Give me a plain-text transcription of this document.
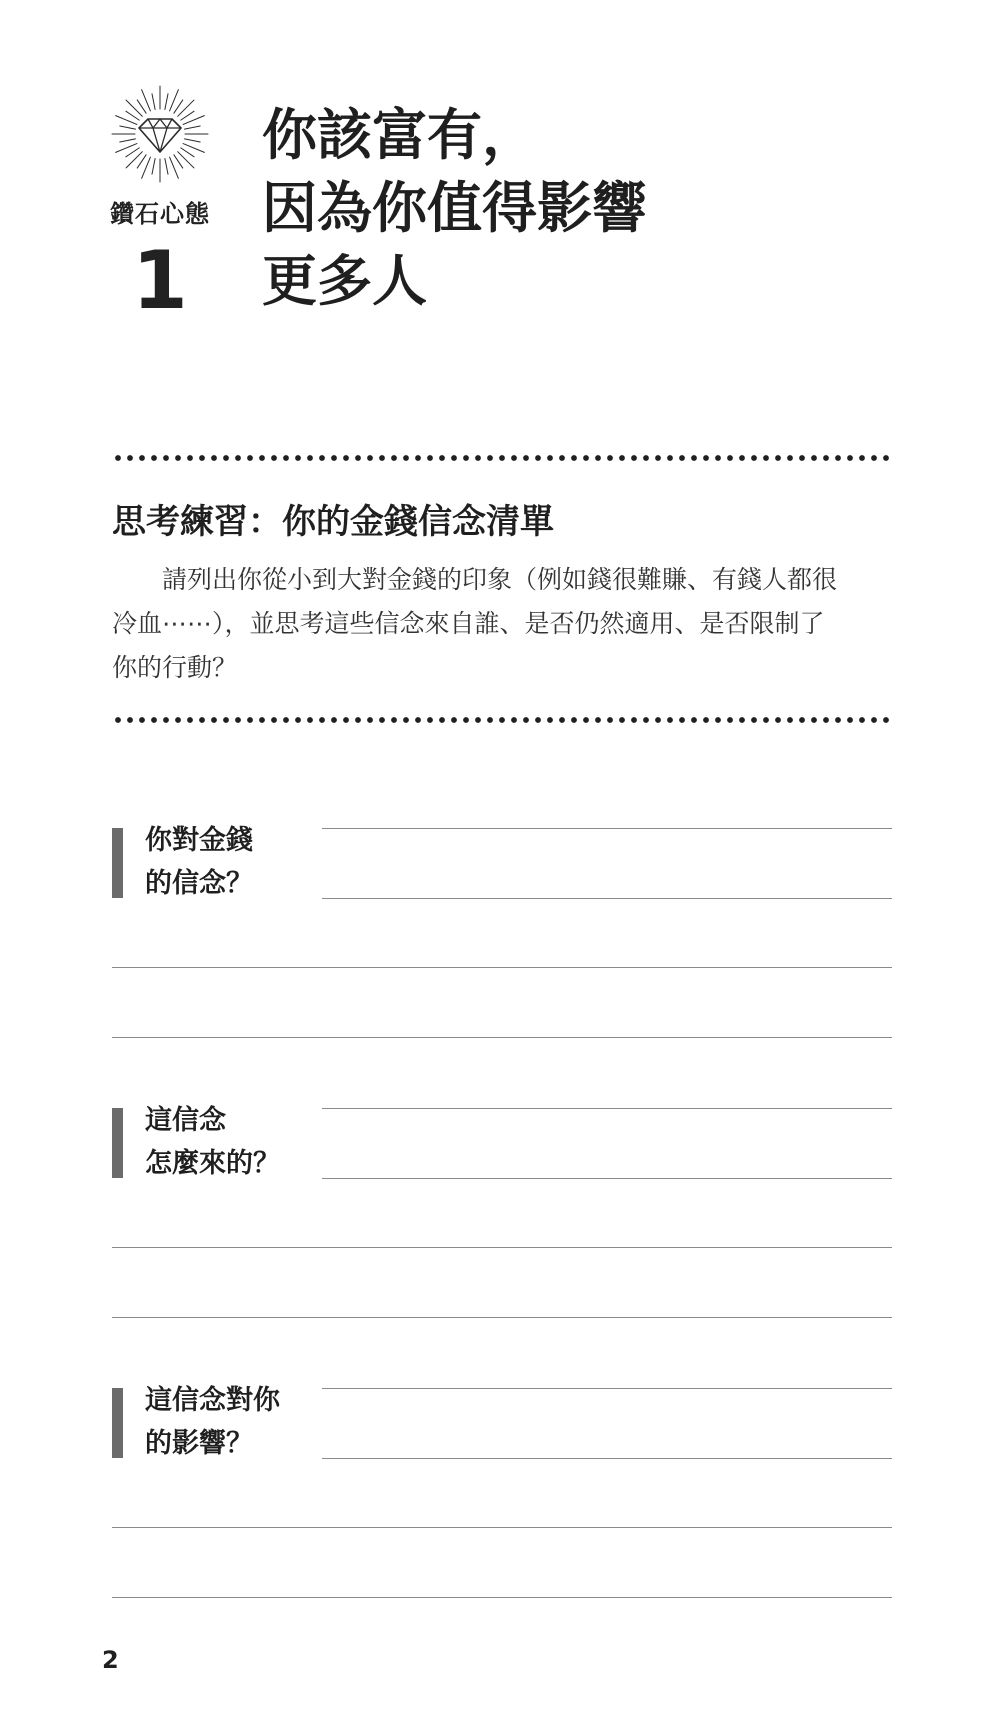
鑽石心態
1
你該富有，
因為你值得影響
更多人
思考練習：你的金錢信念清單
請列出你從小到大對金錢的印象（例如錢很難賺、有錢人都很
冷血⋯⋯），並思考這些信念來自誰、是否仍然適用、是否限制了
你的行動？
你對金錢
的信念？
這信念
怎麼來的？
這信念對你
的影響？
2
